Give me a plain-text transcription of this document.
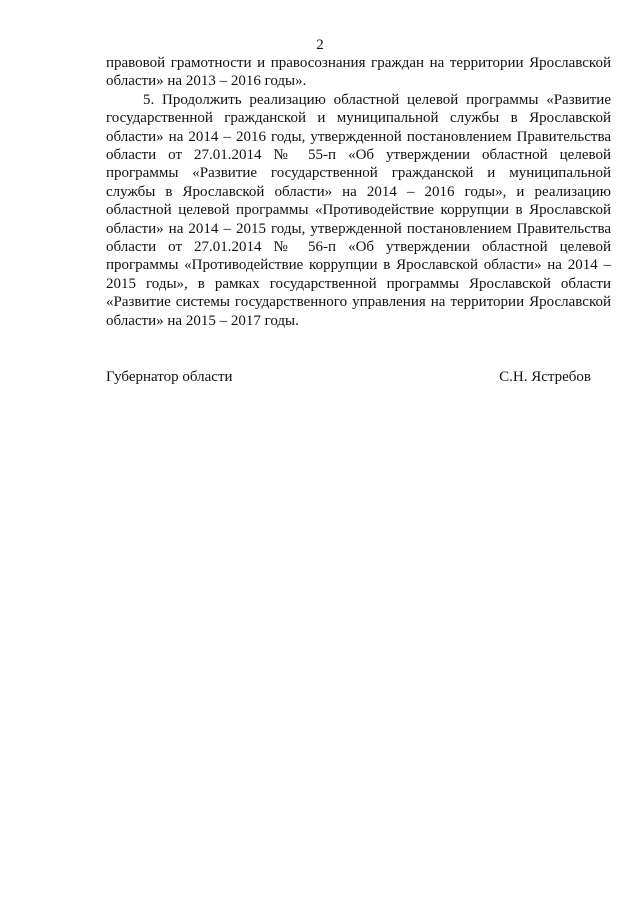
2

правовой грамотности и правосознания граждан на территории Ярославской области» на 2013 – 2016 годы».

5. Продолжить реализацию областной целевой программы «Развитие государственной гражданской и муниципальной службы в Ярославской области» на 2014 – 2016 годы, утвержденной постановлением Правительства области от 27.01.2014 № 55-п «Об утверждении областной целевой программы «Развитие государственной гражданской и муниципальной службы в Ярославской области» на 2014 – 2016 годы», и реализацию областной целевой программы «Противодействие коррупции в Ярославской области» на 2014 – 2015 годы, утвержденной постановлением Правительства области от 27.01.2014 № 56-п «Об утверждении областной целевой программы «Противодействие коррупции в Ярославской области» на 2014 – 2015 годы», в рамках государственной программы Ярославской области «Развитие системы государственного управления на территории Ярославской области» на 2015 – 2017 годы.

Губернатор области	С.Н. Ястребов
